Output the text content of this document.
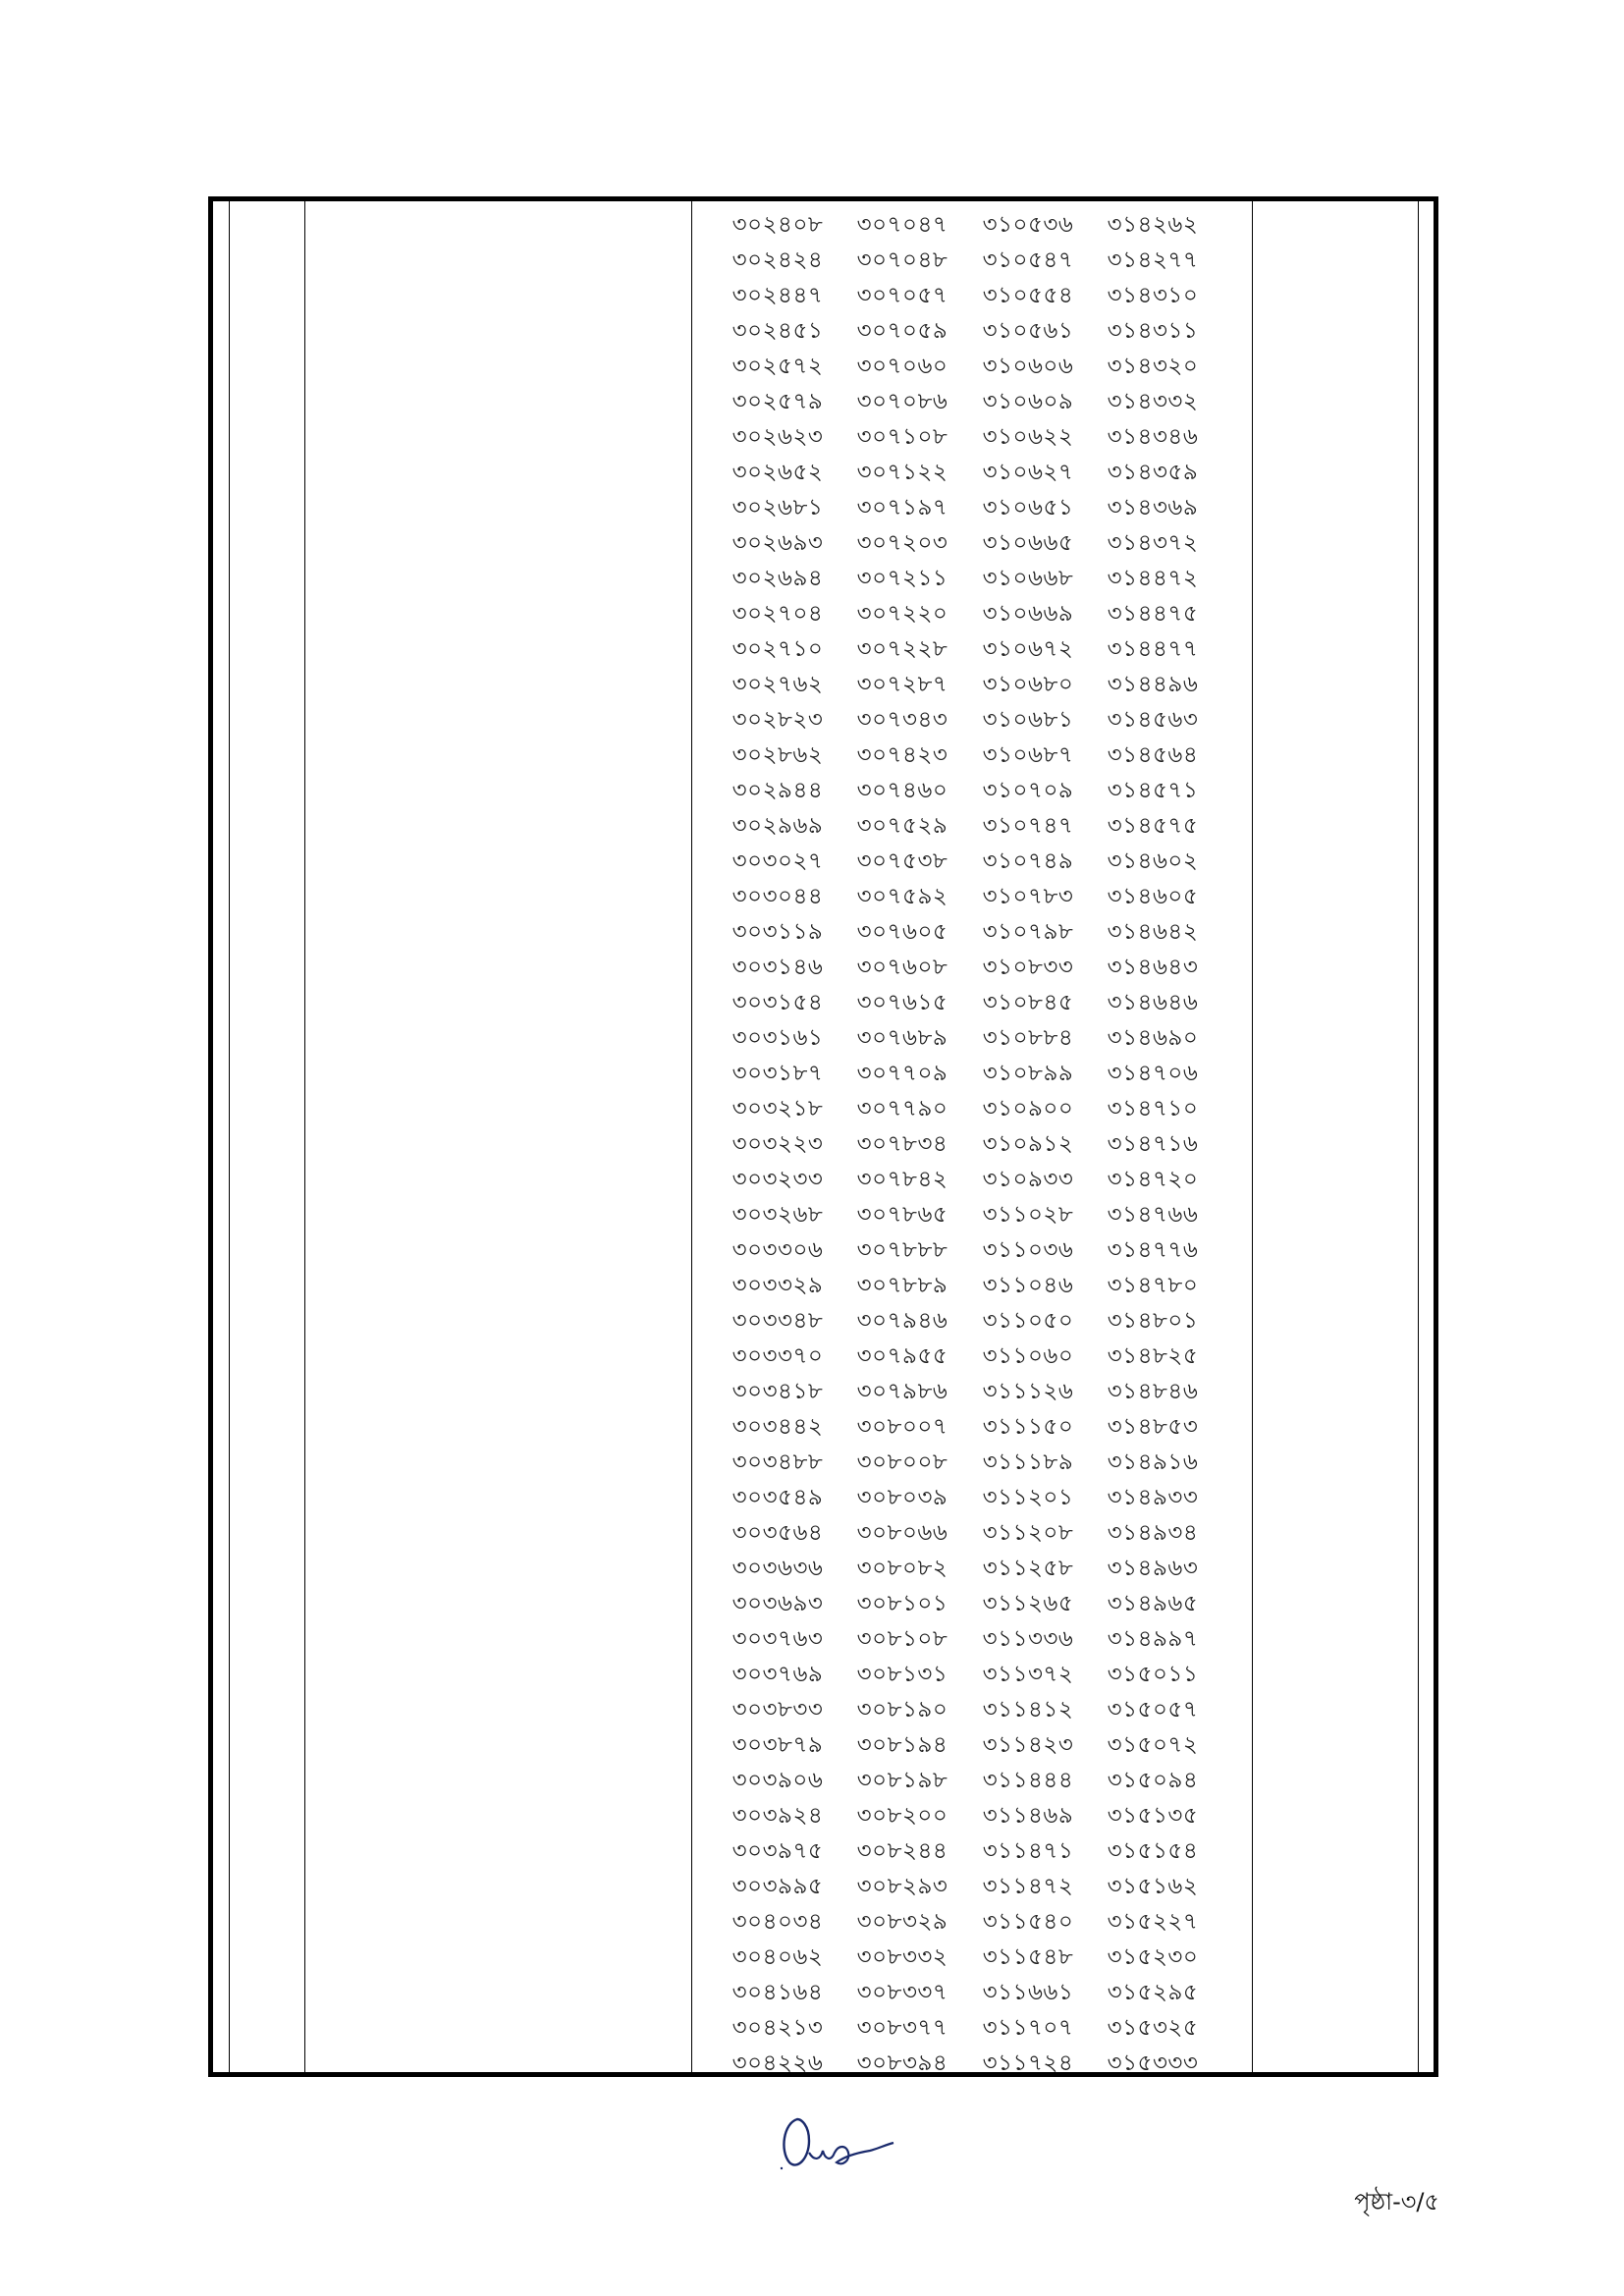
৩০২৪০৮	৩০৭০৪৭	৩১০৫৩৬	৩১৪২৬২
৩০২৪২৪	৩০৭০৪৮	৩১০৫৪৭	৩১৪২৭৭
৩০২৪৪৭	৩০৭০৫৭	৩১০৫৫৪	৩১৪৩১০
৩০২৪৫১	৩০৭০৫৯	৩১০৫৬১	৩১৪৩১১
৩০২৫৭২	৩০৭০৬০	৩১০৬০৬	৩১৪৩২০
৩০২৫৭৯	৩০৭০৮৬	৩১০৬০৯	৩১৪৩৩২
৩০২৬২৩	৩০৭১০৮	৩১০৬২২	৩১৪৩৪৬
৩০২৬৫২	৩০৭১২২	৩১০৬২৭	৩১৪৩৫৯
৩০২৬৮১	৩০৭১৯৭	৩১০৬৫১	৩১৪৩৬৯
৩০২৬৯৩	৩০৭২০৩	৩১০৬৬৫	৩১৪৩৭২
৩০২৬৯৪	৩০৭২১১	৩১০৬৬৮	৩১৪৪৭২
৩০২৭০৪	৩০৭২২০	৩১০৬৬৯	৩১৪৪৭৫
৩০২৭১০	৩০৭২২৮	৩১০৬৭২	৩১৪৪৭৭
৩০২৭৬২	৩০৭২৮৭	৩১০৬৮০	৩১৪৪৯৬
৩০২৮২৩	৩০৭৩৪৩	৩১০৬৮১	৩১৪৫৬৩
৩০২৮৬২	৩০৭৪২৩	৩১০৬৮৭	৩১৪৫৬৪
৩০২৯৪৪	৩০৭৪৬০	৩১০৭০৯	৩১৪৫৭১
৩০২৯৬৯	৩০৭৫২৯	৩১০৭৪৭	৩১৪৫৭৫
৩০৩০২৭	৩০৭৫৩৮	৩১০৭৪৯	৩১৪৬০২
৩০৩০৪৪	৩০৭৫৯২	৩১০৭৮৩	৩১৪৬০৫
৩০৩১১৯	৩০৭৬০৫	৩১০৭৯৮	৩১৪৬৪২
৩০৩১৪৬	৩০৭৬০৮	৩১০৮৩৩	৩১৪৬৪৩
৩০৩১৫৪	৩০৭৬১৫	৩১০৮৪৫	৩১৪৬৪৬
৩০৩১৬১	৩০৭৬৮৯	৩১০৮৮৪	৩১৪৬৯০
৩০৩১৮৭	৩০৭৭০৯	৩১০৮৯৯	৩১৪৭০৬
৩০৩২১৮	৩০৭৭৯০	৩১০৯০০	৩১৪৭১০
৩০৩২২৩	৩০৭৮৩৪	৩১০৯১২	৩১৪৭১৬
৩০৩২৩৩	৩০৭৮৪২	৩১০৯৩৩	৩১৪৭২০
৩০৩২৬৮	৩০৭৮৬৫	৩১১০২৮	৩১৪৭৬৬
৩০৩৩০৬	৩০৭৮৮৮	৩১১০৩৬	৩১৪৭৭৬
৩০৩৩২৯	৩০৭৮৮৯	৩১১০৪৬	৩১৪৭৮০
৩০৩৩৪৮	৩০৭৯৪৬	৩১১০৫০	৩১৪৮০১
৩০৩৩৭০	৩০৭৯৫৫	৩১১০৬০	৩১৪৮২৫
৩০৩৪১৮	৩০৭৯৮৬	৩১১১২৬	৩১৪৮৪৬
৩০৩৪৪২	৩০৮০০৭	৩১১১৫০	৩১৪৮৫৩
৩০৩৪৮৮	৩০৮০০৮	৩১১১৮৯	৩১৪৯১৬
৩০৩৫৪৯	৩০৮০৩৯	৩১১২০১	৩১৪৯৩৩
৩০৩৫৬৪	৩০৮০৬৬	৩১১২০৮	৩১৪৯৩৪
৩০৩৬৩৬	৩০৮০৮২	৩১১২৫৮	৩১৪৯৬৩
৩০৩৬৯৩	৩০৮১০১	৩১১২৬৫	৩১৪৯৬৫
৩০৩৭৬৩	৩০৮১০৮	৩১১৩৩৬	৩১৪৯৯৭
৩০৩৭৬৯	৩০৮১৩১	৩১১৩৭২	৩১৫০১১
৩০৩৮৩৩	৩০৮১৯০	৩১১৪১২	৩১৫০৫৭
৩০৩৮৭৯	৩০৮১৯৪	৩১১৪২৩	৩১৫০৭২
৩০৩৯০৬	৩০৮১৯৮	৩১১৪৪৪	৩১৫০৯৪
৩০৩৯২৪	৩০৮২০০	৩১১৪৬৯	৩১৫১৩৫
৩০৩৯৭৫	৩০৮২৪৪	৩১১৪৭১	৩১৫১৫৪
৩০৩৯৯৫	৩০৮২৯৩	৩১১৪৭২	৩১৫১৬২
৩০৪০৩৪	৩০৮৩২৯	৩১১৫৪০	৩১৫২২৭
৩০৪০৬২	৩০৮৩৩২	৩১১৫৪৮	৩১৫২৩০
৩০৪১৬৪	৩০৮৩৩৭	৩১১৬৬১	৩১৫২৯৫
৩০৪২১৩	৩০৮৩৭৭	৩১১৭০৭	৩১৫৩২৫
৩০৪২২৬	৩০৮৩৯৪	৩১১৭২৪	৩১৫৩৩৩
পৃষ্ঠা-৩/৫
